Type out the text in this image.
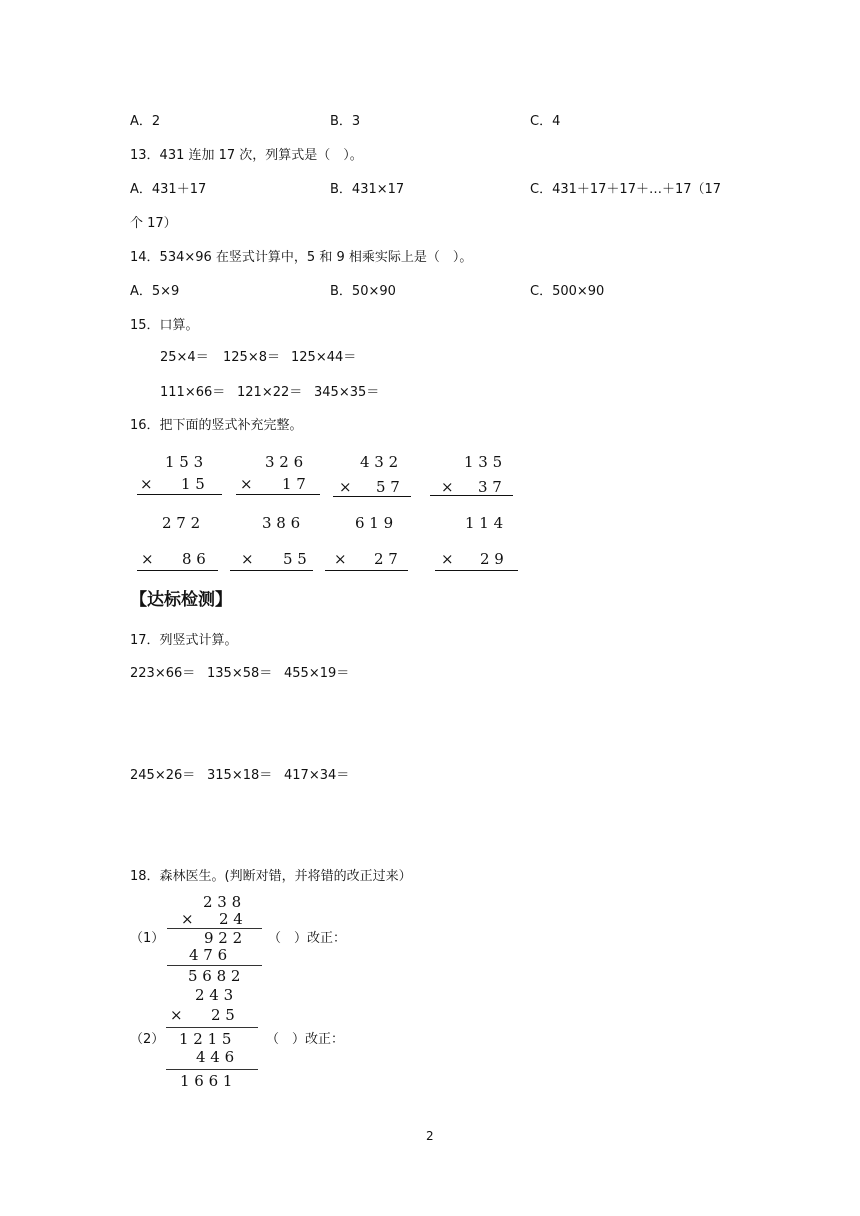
A．2	B．3	C．4
13．431 连加 17 次，列算式是（　）。
A．431＋17	B．431×17	C．431＋17＋17＋…＋17（17
个 17）
14．534×96 在竖式计算中，5 和 9 相乘实际上是（　）。
A．5×9	B．50×90	C．500×90
15．口算。
25×4＝ 125×8＝ 125×44＝
111×66＝ 121×22＝ 345×35＝
16．把下面的竖式补充完整。
1 5 3
× 1 5
3 2 6
× 1 7
4 3 2
× 5 7
1 3 5
× 3 7
2 7 2
× 8 6
3 8 6
× 5 5
6 1 9
× 2 7
1 1 4
× 2 9
【达标检测】
17．列竖式计算。
223×66＝ 135×58＝ 455×19＝
245×26＝ 315×18＝ 417×34＝
18．森林医生。(判断对错，并将错的改正过来）
（1）
2 3 8
× 2 4
9 2 2
4 7 6
5 6 8 2
（　）改正：
（2）
2 4 3
× 2 5
1 2 1 5
4 4 6
1 6 6 1
（　）改正：
2
